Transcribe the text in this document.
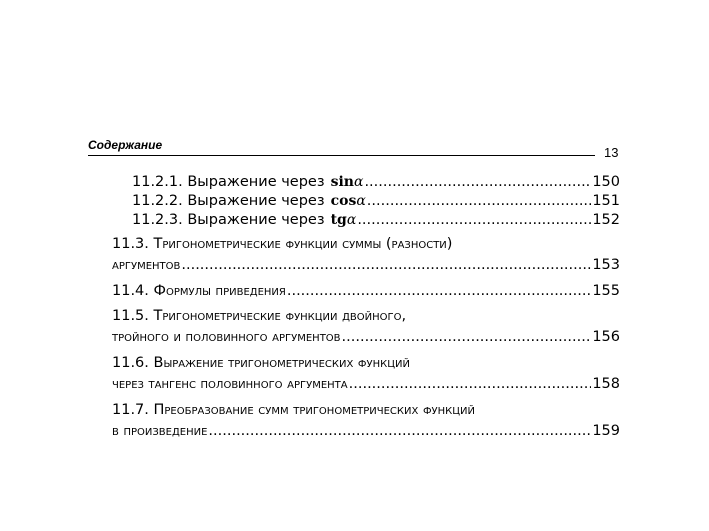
Содержание	13
11.2.1. Выражение через sinα .....	150
11.2.2. Выражение через cosα .....	151
11.2.3. Выражение через tgα .....	152
11.3. Тригонометрические функции суммы (разности)
аргументов .....	153
11.4. Формулы приведения .....	155
11.5. Тригонометрические функции двойного,
тройного и половинного аргументов .....	156
11.6. Выражение тригонометрических функций
через тангенс половинного аргумента .....	158
11.7. Преобразование сумм тригонометрических функций
в произведение .....	159
